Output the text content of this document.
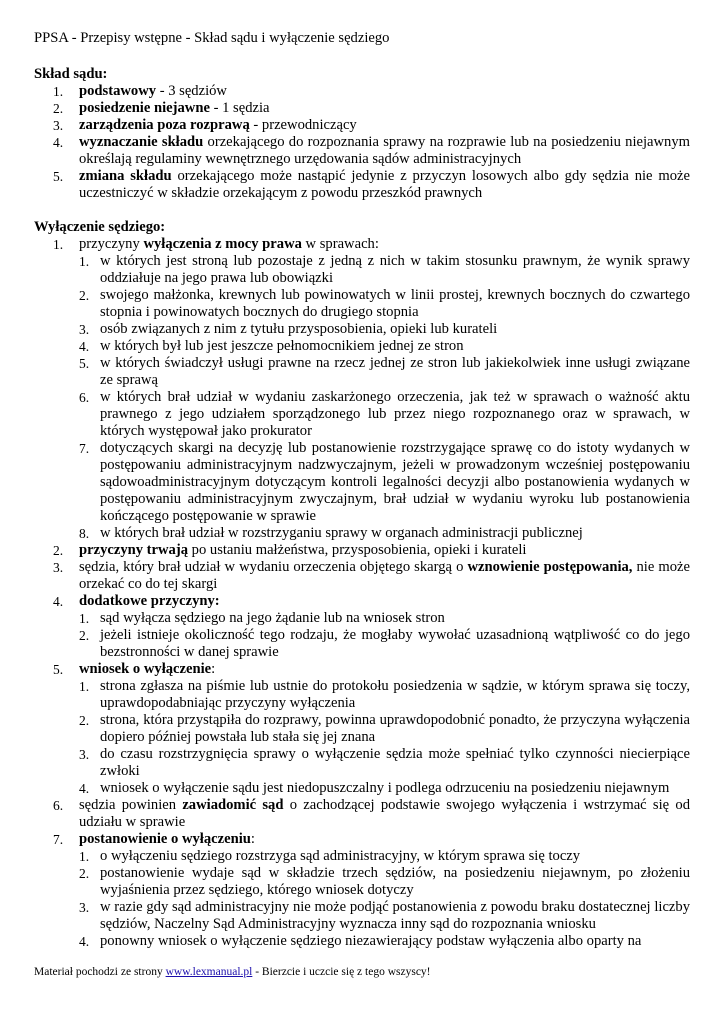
PPSA - Przepisy wstępne - Skład sądu i wyłączenie sędziego

Skład sądu:

1. podstawowy - 3 sędziów
2. posiedzenie niejawne - 1 sędzia
3. zarządzenia poza rozprawą - przewodniczący
4. wyznaczanie składu orzekającego do rozpoznania sprawy na rozprawie lub na posiedzeniu niejawnym określają regulaminy wewnętrznego urzędowania sądów administracyjnych
5. zmiana składu orzekającego może nastąpić jedynie z przyczyn losowych albo gdy sędzia nie może uczestniczyć w składzie orzekającym z powodu przeszkód prawnych

Wyłączenie sędziego:

1. przyczyny wyłączenia z mocy prawa w sprawach:
1. w których jest stroną lub pozostaje z jedną z nich w takim stosunku prawnym, że wynik sprawy oddziałuje na jego prawa lub obowiązki
2. swojego małżonka, krewnych lub powinowatych w linii prostej, krewnych bocznych do czwartego stopnia i powinowatych bocznych do drugiego stopnia
3. osób związanych z nim z tytułu przysposobienia, opieki lub kurateli
4. w których był lub jest jeszcze pełnomocnikiem jednej ze stron
5. w których świadczył usługi prawne na rzecz jednej ze stron lub jakiekolwiek inne usługi związane ze sprawą
6. w których brał udział w wydaniu zaskarżonego orzeczenia, jak też w sprawach o ważność aktu prawnego z jego udziałem sporządzonego lub przez niego rozpoznanego oraz w sprawach, w których występował jako prokurator
7. dotyczących skargi na decyzję lub postanowienie rozstrzygające sprawę co do istoty wydanych w postępowaniu administracyjnym nadzwyczajnym, jeżeli w prowadzonym wcześniej postępowaniu sądowoadministracyjnym dotyczącym kontroli legalności decyzji albo postanowienia wydanych w postępowaniu administracyjnym zwyczajnym, brał udział w wydaniu wyroku lub postanowienia kończącego postępowanie w sprawie
8. w których brał udział w rozstrzyganiu sprawy w organach administracji publicznej
2. przyczyny trwają po ustaniu małżeństwa, przysposobienia, opieki i kurateli
3. sędzia, który brał udział w wydaniu orzeczenia objętego skargą o wznowienie postępowania, nie może orzekać co do tej skargi
4. dodatkowe przyczyny:
1. sąd wyłącza sędziego na jego żądanie lub na wniosek stron
2. jeżeli istnieje okoliczność tego rodzaju, że mogłaby wywołać uzasadnioną wątpliwość co do jego bezstronności w danej sprawie
5. wniosek o wyłączenie:
1. strona zgłasza na piśmie lub ustnie do protokołu posiedzenia w sądzie, w którym sprawa się toczy, uprawdopodabniając przyczyny wyłączenia
2. strona, która przystąpiła do rozprawy, powinna uprawdopodobnić ponadto, że przyczyna wyłączenia dopiero później powstała lub stała się jej znana
3. do czasu rozstrzygnięcia sprawy o wyłączenie sędzia może spełniać tylko czynności niecierpiące zwłoki
4. wniosek o wyłączenie sądu jest niedopuszczalny i podlega odrzuceniu na posiedzeniu niejawnym
6. sędzia powinien zawiadomić sąd o zachodzącej podstawie swojego wyłączenia i wstrzymać się od udziału w sprawie
7. postanowienie o wyłączeniu:
1. o wyłączeniu sędziego rozstrzyga sąd administracyjny, w którym sprawa się toczy
2. postanowienie wydaje sąd w składzie trzech sędziów, na posiedzeniu niejawnym, po złożeniu wyjaśnienia przez sędziego, którego wniosek dotyczy
3. w razie gdy sąd administracyjny nie może podjąć postanowienia z powodu braku dostatecznej liczby sędziów, Naczelny Sąd Administracyjny wyznacza inny sąd do rozpoznania wniosku
4. ponowny wniosek o wyłączenie sędziego niezawierający podstaw wyłączenia albo oparty na
Materiał pochodzi ze strony www.lexmanual.pl - Bierzcie i uczcie się z tego wszyscy!
